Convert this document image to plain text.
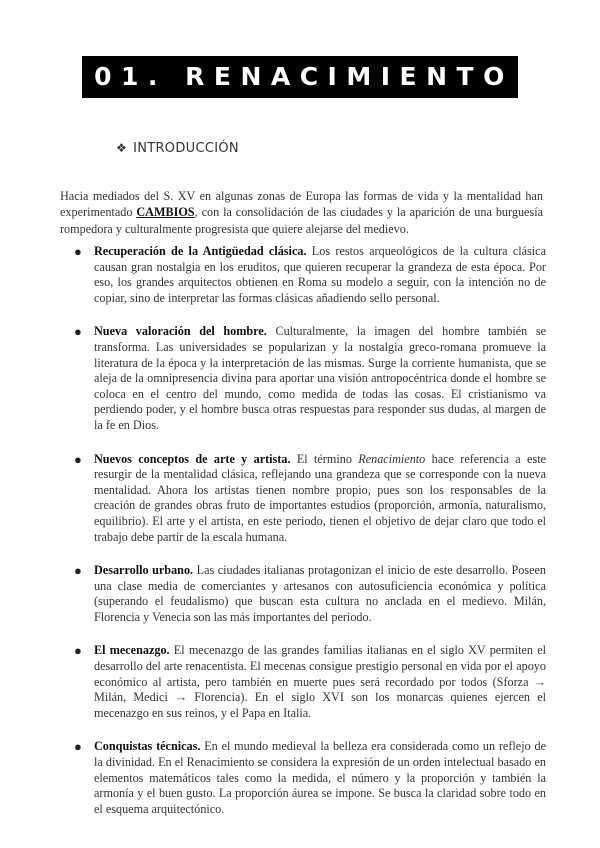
01. RENACIMIENTO
❖ INTRODUCCIÓN

Hacia mediados del S. XV en algunas zonas de Europa las formas de vida y la mentalidad han experimentado CAMBIOS, con la consolidación de las ciudades y la aparición de una burguesía rompedora y culturalmente progresista que quiere alejarse del medievo.

● Recuperación de la Antigüedad clásica. Los restos arqueológicos de la cultura clásica causan gran nostalgia en los eruditos, que quieren recuperar la grandeza de esta época. Por eso, los grandes arquitectos obtienen en Roma su modelo a seguir, con la intención no de copiar, sino de interpretar las formas clásicas añadiendo sello personal.
● Nueva valoración del hombre. Culturalmente, la imagen del hombre también se transforma. Las universidades se popularizan y la nostalgia greco-romana promueve la literatura de la época y la interpretación de las mismas. Surge la corriente humanista, que se aleja de la omnipresencia divina para aportar una visión antropocéntrica donde el hombre se coloca en el centro del mundo, como medida de todas las cosas. El cristianismo va perdiendo poder, y el hombre busca otras respuestas para responder sus dudas, al margen de la fe en Dios.
● Nuevos conceptos de arte y artista. El término Renacimiento hace referencia a este resurgir de la mentalidad clásica, reflejando una grandeza que se corresponde con la nueva mentalidad. Ahora los artistas tienen nombre propio, pues son los responsables de la creación de grandes obras fruto de importantes estudios (proporción, armonía, naturalismo, equilibrio). El arte y el artista, en este periodo, tienen el objetivo de dejar claro que todo el trabajo debe partir de la escala humana.
● Desarrollo urbano. Las ciudades italianas protagonizan el inicio de este desarrollo. Poseen una clase media de comerciantes y artesanos con autosuficiencia económica y política (superando el feudalismo) que buscan esta cultura no anclada en el medievo. Milán, Florencia y Venecia son las más importantes del periodo.
● El mecenazgo. El mecenazgo de las grandes familias italianas en el siglo XV permiten el desarrollo del arte renacentista. El mecenas consigue prestigio personal en vida por el apoyo económico al artista, pero también en muerte pues será recordado por todos (Sforza → Milán, Medici → Florencia). En el siglo XVI son los monarcas quienes ejercen el mecenazgo en sus reinos, y el Papa en Italia.
● Conquistas técnicas. En el mundo medieval la belleza era considerada como un reflejo de la divinidad. En el Renacimiento se considera la expresión de un orden intelectual basado en elementos matemáticos tales como la medida, el número y la proporción y también la armonía y el buen gusto. La proporción áurea se impone. Se busca la claridad sobre todo en el esquema arquitectónico.
